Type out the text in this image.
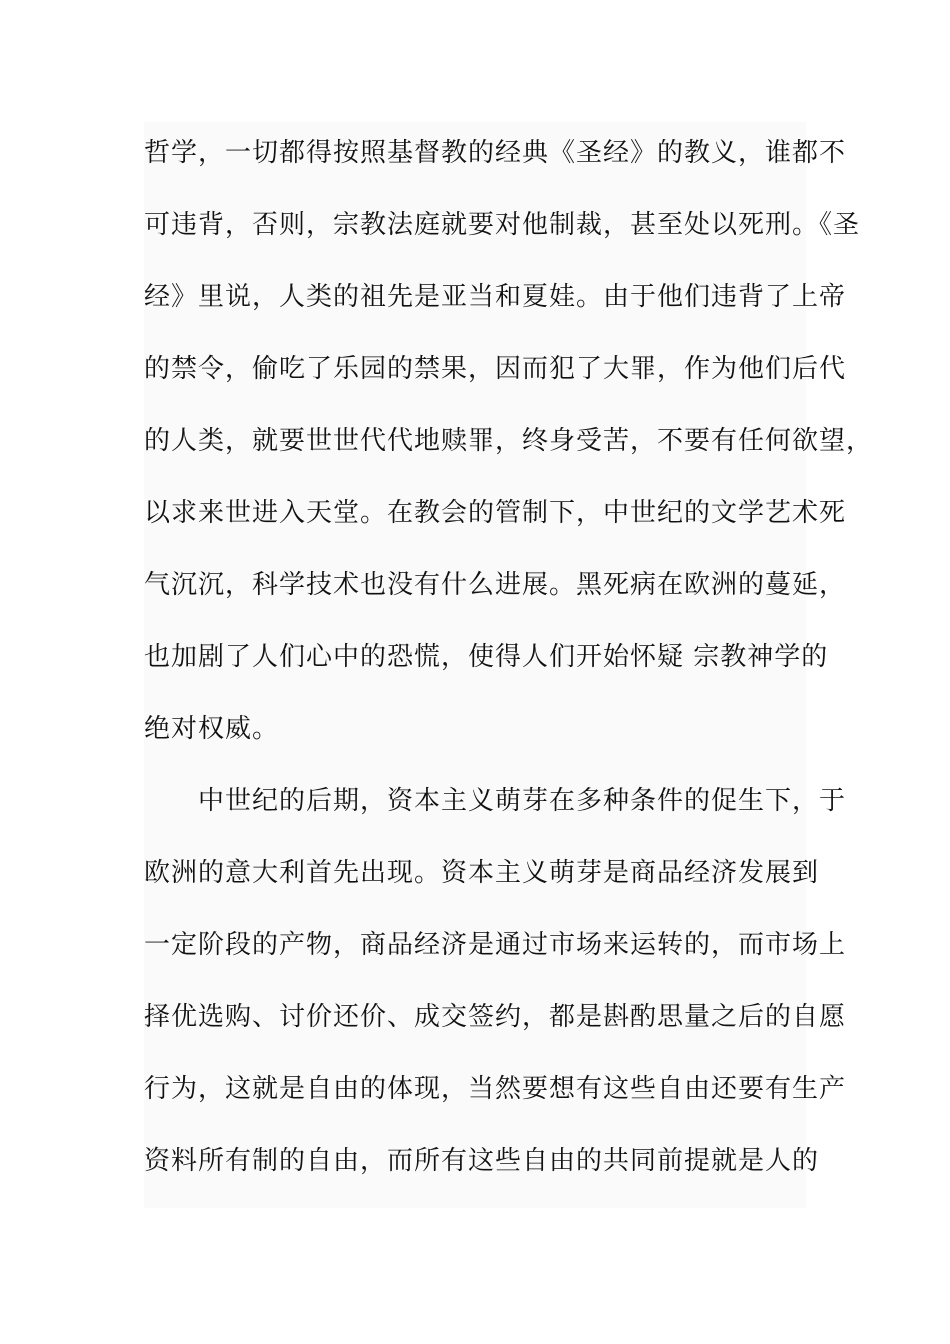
哲学，一切都得按照基督教的经典《圣经》的教义，谁都不
可违背，否则，宗教法庭就要对他制裁，甚至处以死刑。《圣
经》里说，人类的祖先是亚当和夏娃。由于他们违背了上帝
的禁令，偷吃了乐园的禁果，因而犯了大罪，作为他们后代
的人类，就要世世代代地赎罪，终身受苦，不要有任何欲望，
以求来世进入天堂。在教会的管制下，中世纪的文学艺术死
气沉沉，科学技术也没有什么进展。黑死病在欧洲的蔓延，
也加剧了人们心中的恐慌，使得人们开始怀疑 宗教神学的
绝对权威。
中世纪的后期，资本主义萌芽在多种条件的促生下，于
欧洲的意大利首先出现。资本主义萌芽是商品经济发展到
一定阶段的产物，商品经济是通过市场来运转的，而市场上
择优选购、讨价还价、成交签约，都是斟酌思量之后的自愿
行为，这就是自由的体现，当然要想有这些自由还要有生产
资料所有制的自由，而所有这些自由的共同前提就是人的
